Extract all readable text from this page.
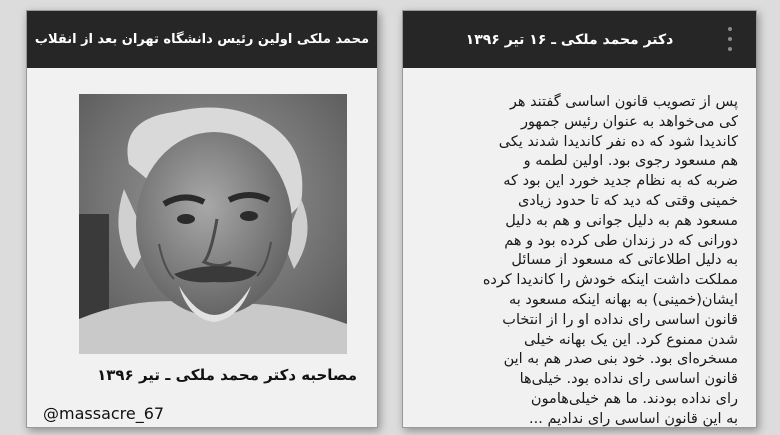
محمد ملکی اولین رئیس دانشگاه تهران بعد از انقلاب
مصاحبه دکتر محمد ملکی ـ تیر ۱۳۹۶
@massacre_67
دکتر محمد ملکی ـ ۱۶ تیر ۱۳۹۶
پس از تصویب قانون اساسی گفتند هر
کی می‌خواهد به عنوان رئیس جمهور
کاندیدا شود که ده نفر کاندیدا شدند یکی
هم مسعود رجوی بود. اولین لطمه و
ضربه که به نظام جدید خورد این بود که
خمینی وقتی که دید که تا حدود زیادی
مسعود هم به دلیل جوانی و هم به دلیل
دورانی که در زندان طی کرده بود و هم
به دلیل اطلاعاتی که مسعود از مسائل
مملکت داشت اینکه خودش را کاندیدا کرده
ایشان(خمینی) به بهانه اینکه مسعود به
قانون اساسی رای نداده او را از انتخاب
شدن ممنوع کرد. این یک بهانه خیلی
مسخره‌ای بود. خود بنی صدر هم به این
قانون اساسی رای نداده بود. خیلی‌ها
رای نداده بودند. ما هم خیلی‌هامون
به این قانون اساسی رای ندادیم ...
